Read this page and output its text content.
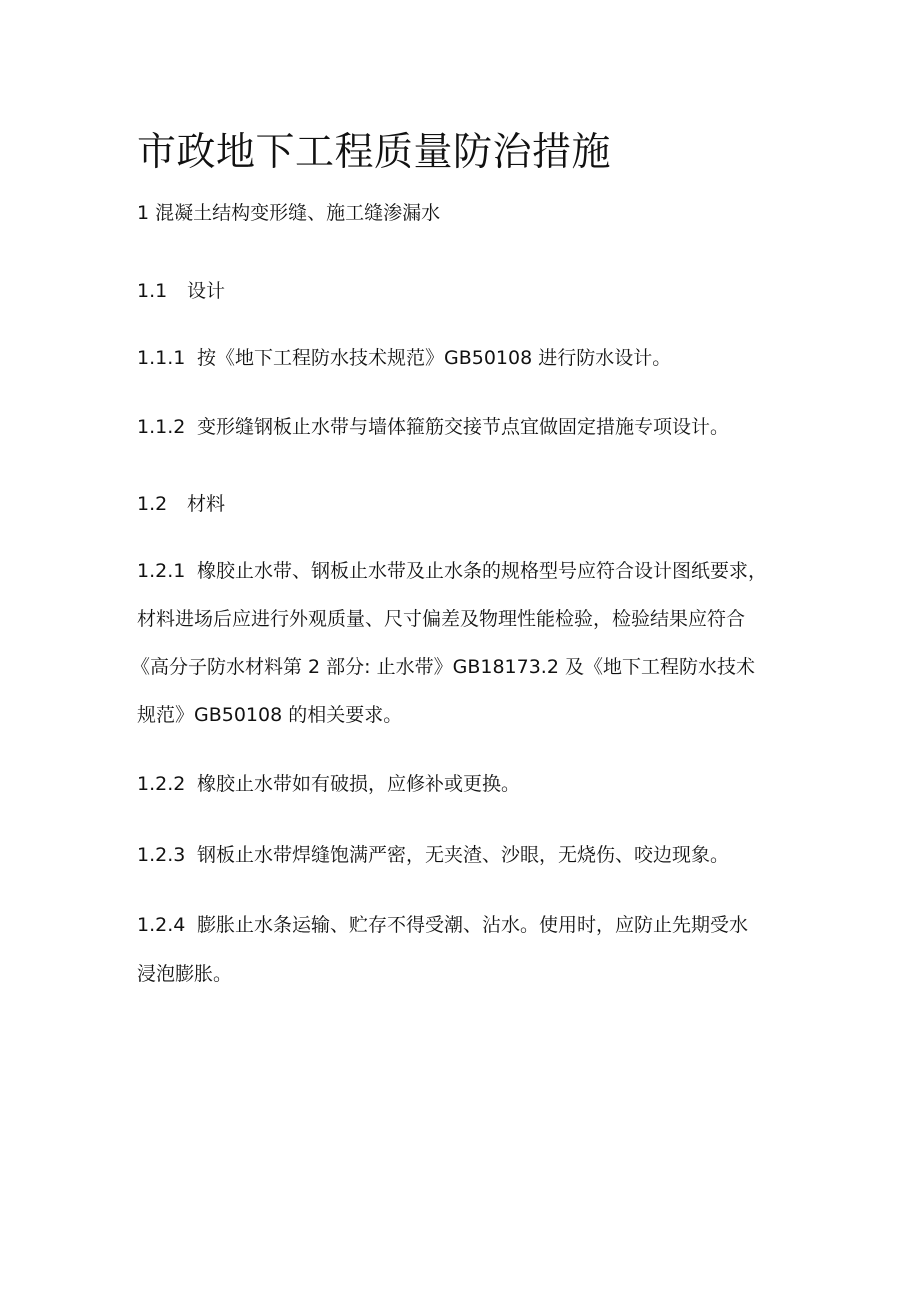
市政地下工程质量防治措施

1 混凝土结构变形缝、施工缝渗漏水

1.1 设计

1.1.1 按《地下工程防水技术规范》GB50108 进行防水设计。

1.1.2 变形缝钢板止水带与墙体箍筋交接节点宜做固定措施专项设计。

1.2 材料

1.2.1 橡胶止水带、钢板止水带及止水条的规格型号应符合设计图纸要求，

材料进场后应进行外观质量、尺寸偏差及物理性能检验，检验结果应符合

《高分子防水材料第 2 部分: 止水带》GB18173.2 及《地下工程防水技术

规范》GB50108 的相关要求。

1.2.2 橡胶止水带如有破损，应修补或更换。

1.2.3 钢板止水带焊缝饱满严密，无夹渣、沙眼，无烧伤、咬边现象。

1.2.4 膨胀止水条运输、贮存不得受潮、沾水。使用时，应防止先期受水

浸泡膨胀。
